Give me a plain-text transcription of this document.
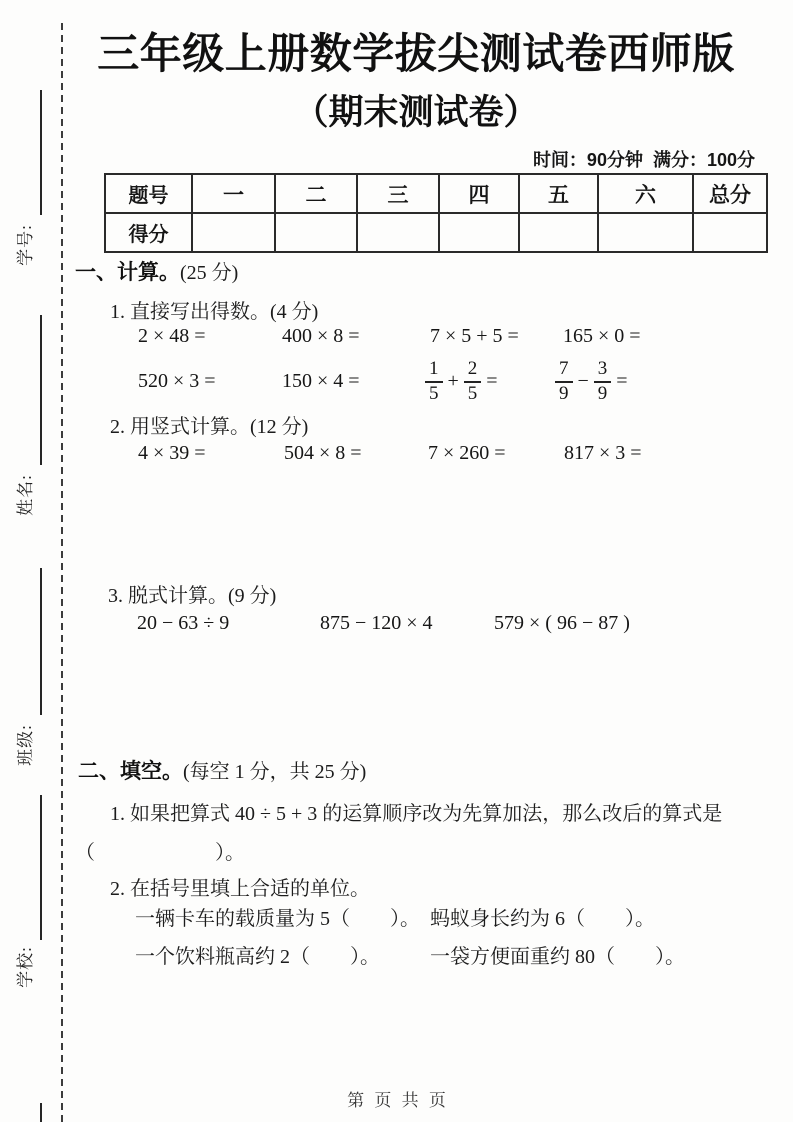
学号:
姓名:
班级:
学校:
三年级上册数学拔尖测试卷西师版
（期末测试卷）
时间：90分钟  满分：100分
题号	一	二	三	四	五	六	总分
得分							
一、计算。(25 分)
1. 直接写出得数。(4 分)
2 × 48 =	400 × 8 =	7 × 5 + 5 = 165 × 0 =
520 × 3 =	150 × 4 =	$\frac{1}{5} + \frac{2}{5}$ =	$\frac{7}{9} - \frac{3}{9}$ =
2. 用竖式计算。(12 分)
4 × 39 =	504 × 8 =	7 × 260 =	817 × 3 =
3. 脱式计算。(9 分)
20 − 63 ÷ 9	875 − 120 × 4	579 × ( 96 − 87 )
二、填空。(每空 1 分，共 25 分)
1. 如果把算式 40 ÷ 5 + 3 的运算顺序改为先算加法，那么改后的算式是
（　　　　　　）。
2. 在括号里填上合适的单位。
一辆卡车的载质量为 5（　　）。 蚂蚁身长约为 6（　　）。
一个饮料瓶高约 2（　　）。	一袋方便面重约 80（　　）。
第 页 共 页
